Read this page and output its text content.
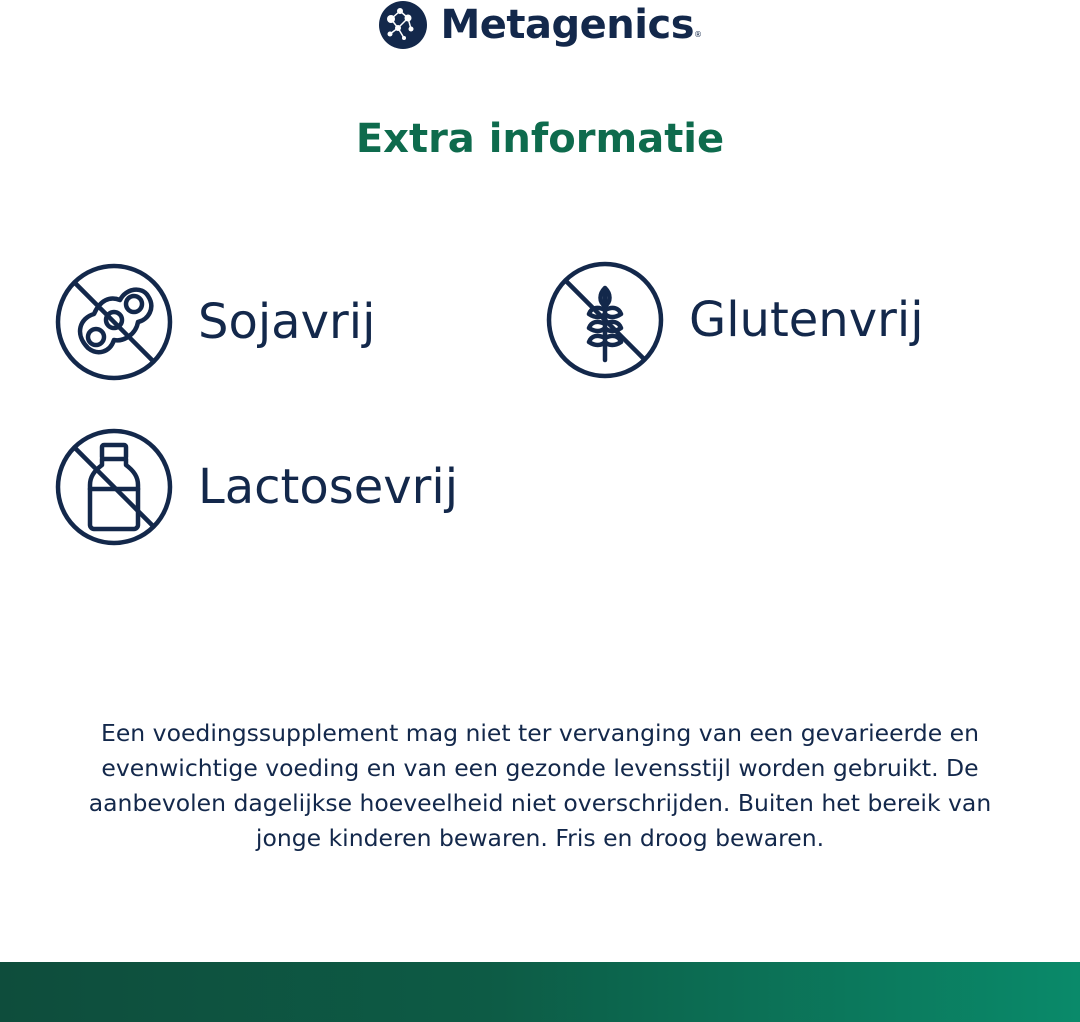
Metagenics®
Extra informatie
Sojavrij	Glutenvrij
Lactosevrij
Een voedingssupplement mag niet ter vervanging van een gevarieerde en evenwichtige voeding en van een gezonde levensstijl worden gebruikt. De aanbevolen dagelijkse hoeveelheid niet overschrijden. Buiten het bereik van jonge kinderen bewaren. Fris en droog bewaren.
